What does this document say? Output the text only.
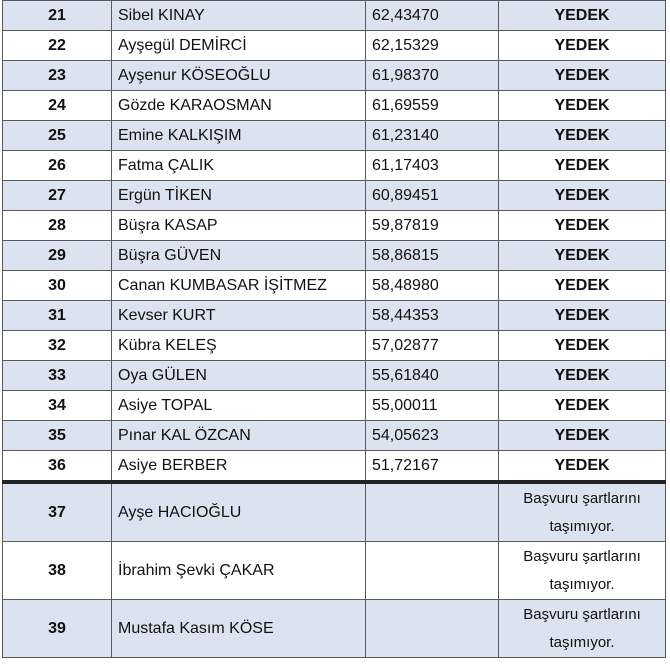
21	Sibel KINAY	62,43470	YEDEK
22	Ayşegül DEMİRCİ	62,15329	YEDEK
23	Ayşenur KÖSEOĞLU	61,98370	YEDEK
24	Gözde KARAOSMAN	61,69559	YEDEK
25	Emine KALKIŞIM	61,23140	YEDEK
26	Fatma ÇALIK	61,17403	YEDEK
27	Ergün TİKEN	60,89451	YEDEK
28	Büşra KASAP	59,87819	YEDEK
29	Büşra GÜVEN	58,86815	YEDEK
30	Canan KUMBASAR İŞİTMEZ	58,48980	YEDEK
31	Kevser KURT	58,44353	YEDEK
32	Kübra KELEŞ	57,02877	YEDEK
33	Oya GÜLEN	55,61840	YEDEK
34	Asiye TOPAL	55,00011	YEDEK
35	Pınar KAL ÖZCAN	54,05623	YEDEK
36	Asiye BERBER	51,72167	YEDEK
37	Ayşe HACIOĞLU		Başvuru şartlarını
taşımıyor.

38	İbrahim Şevki ÇAKAR		Başvuru şartlarını
taşımıyor.

39	Mustafa Kasım KÖSE		Başvuru şartlarını
taşımıyor.
